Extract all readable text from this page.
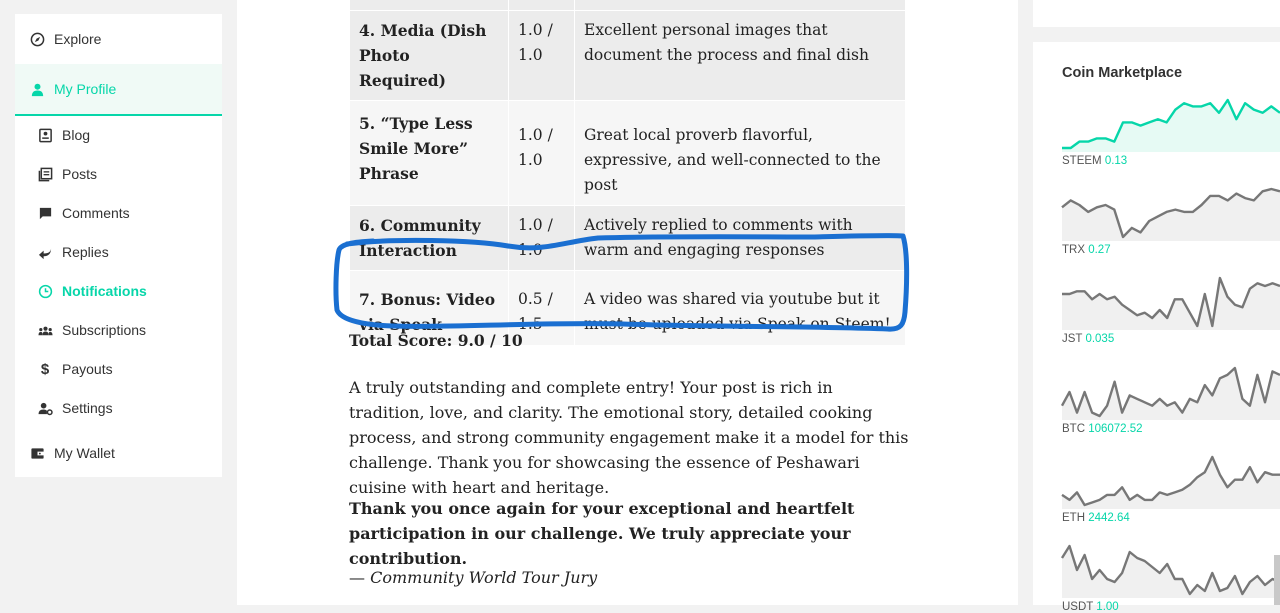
Explore
My Profile
Blog
Posts
Comments
Replies
Notifications
Subscriptions
$ Payouts
Settings
My Wallet

4. Media (Dish Photo Required)	1.0 / 1.0	Excellent personal images that document the process and final dish
5. “Type Less Smile More” Phrase	1.0 / 1.0	Great local proverb flavorful, expressive, and well-connected to the post
6. Community Interaction	1.0 / 1.0	Actively replied to comments with warm and engaging responses
7. Bonus: Video via Speak	0.5 / 1.5	A video was shared via youtube but it must be uploaded via Speak on Steem!
Total Score: 9.0 / 10
A truly outstanding and complete entry! Your post is rich in tradition, love, and clarity. The emotional story, detailed cooking process, and strong community engagement make it a model for this challenge. Thank you for showcasing the essence of Peshawari cuisine with heart and heritage.
Thank you once again for your exceptional and heartfelt participation in our challenge. We truly appreciate your contribution.
— Community World Tour Jury
Coin Marketplace
STEEM 0.13
TRX 0.27
JST 0.035
BTC 106072.52
ETH 2442.64
USDT 1.00
